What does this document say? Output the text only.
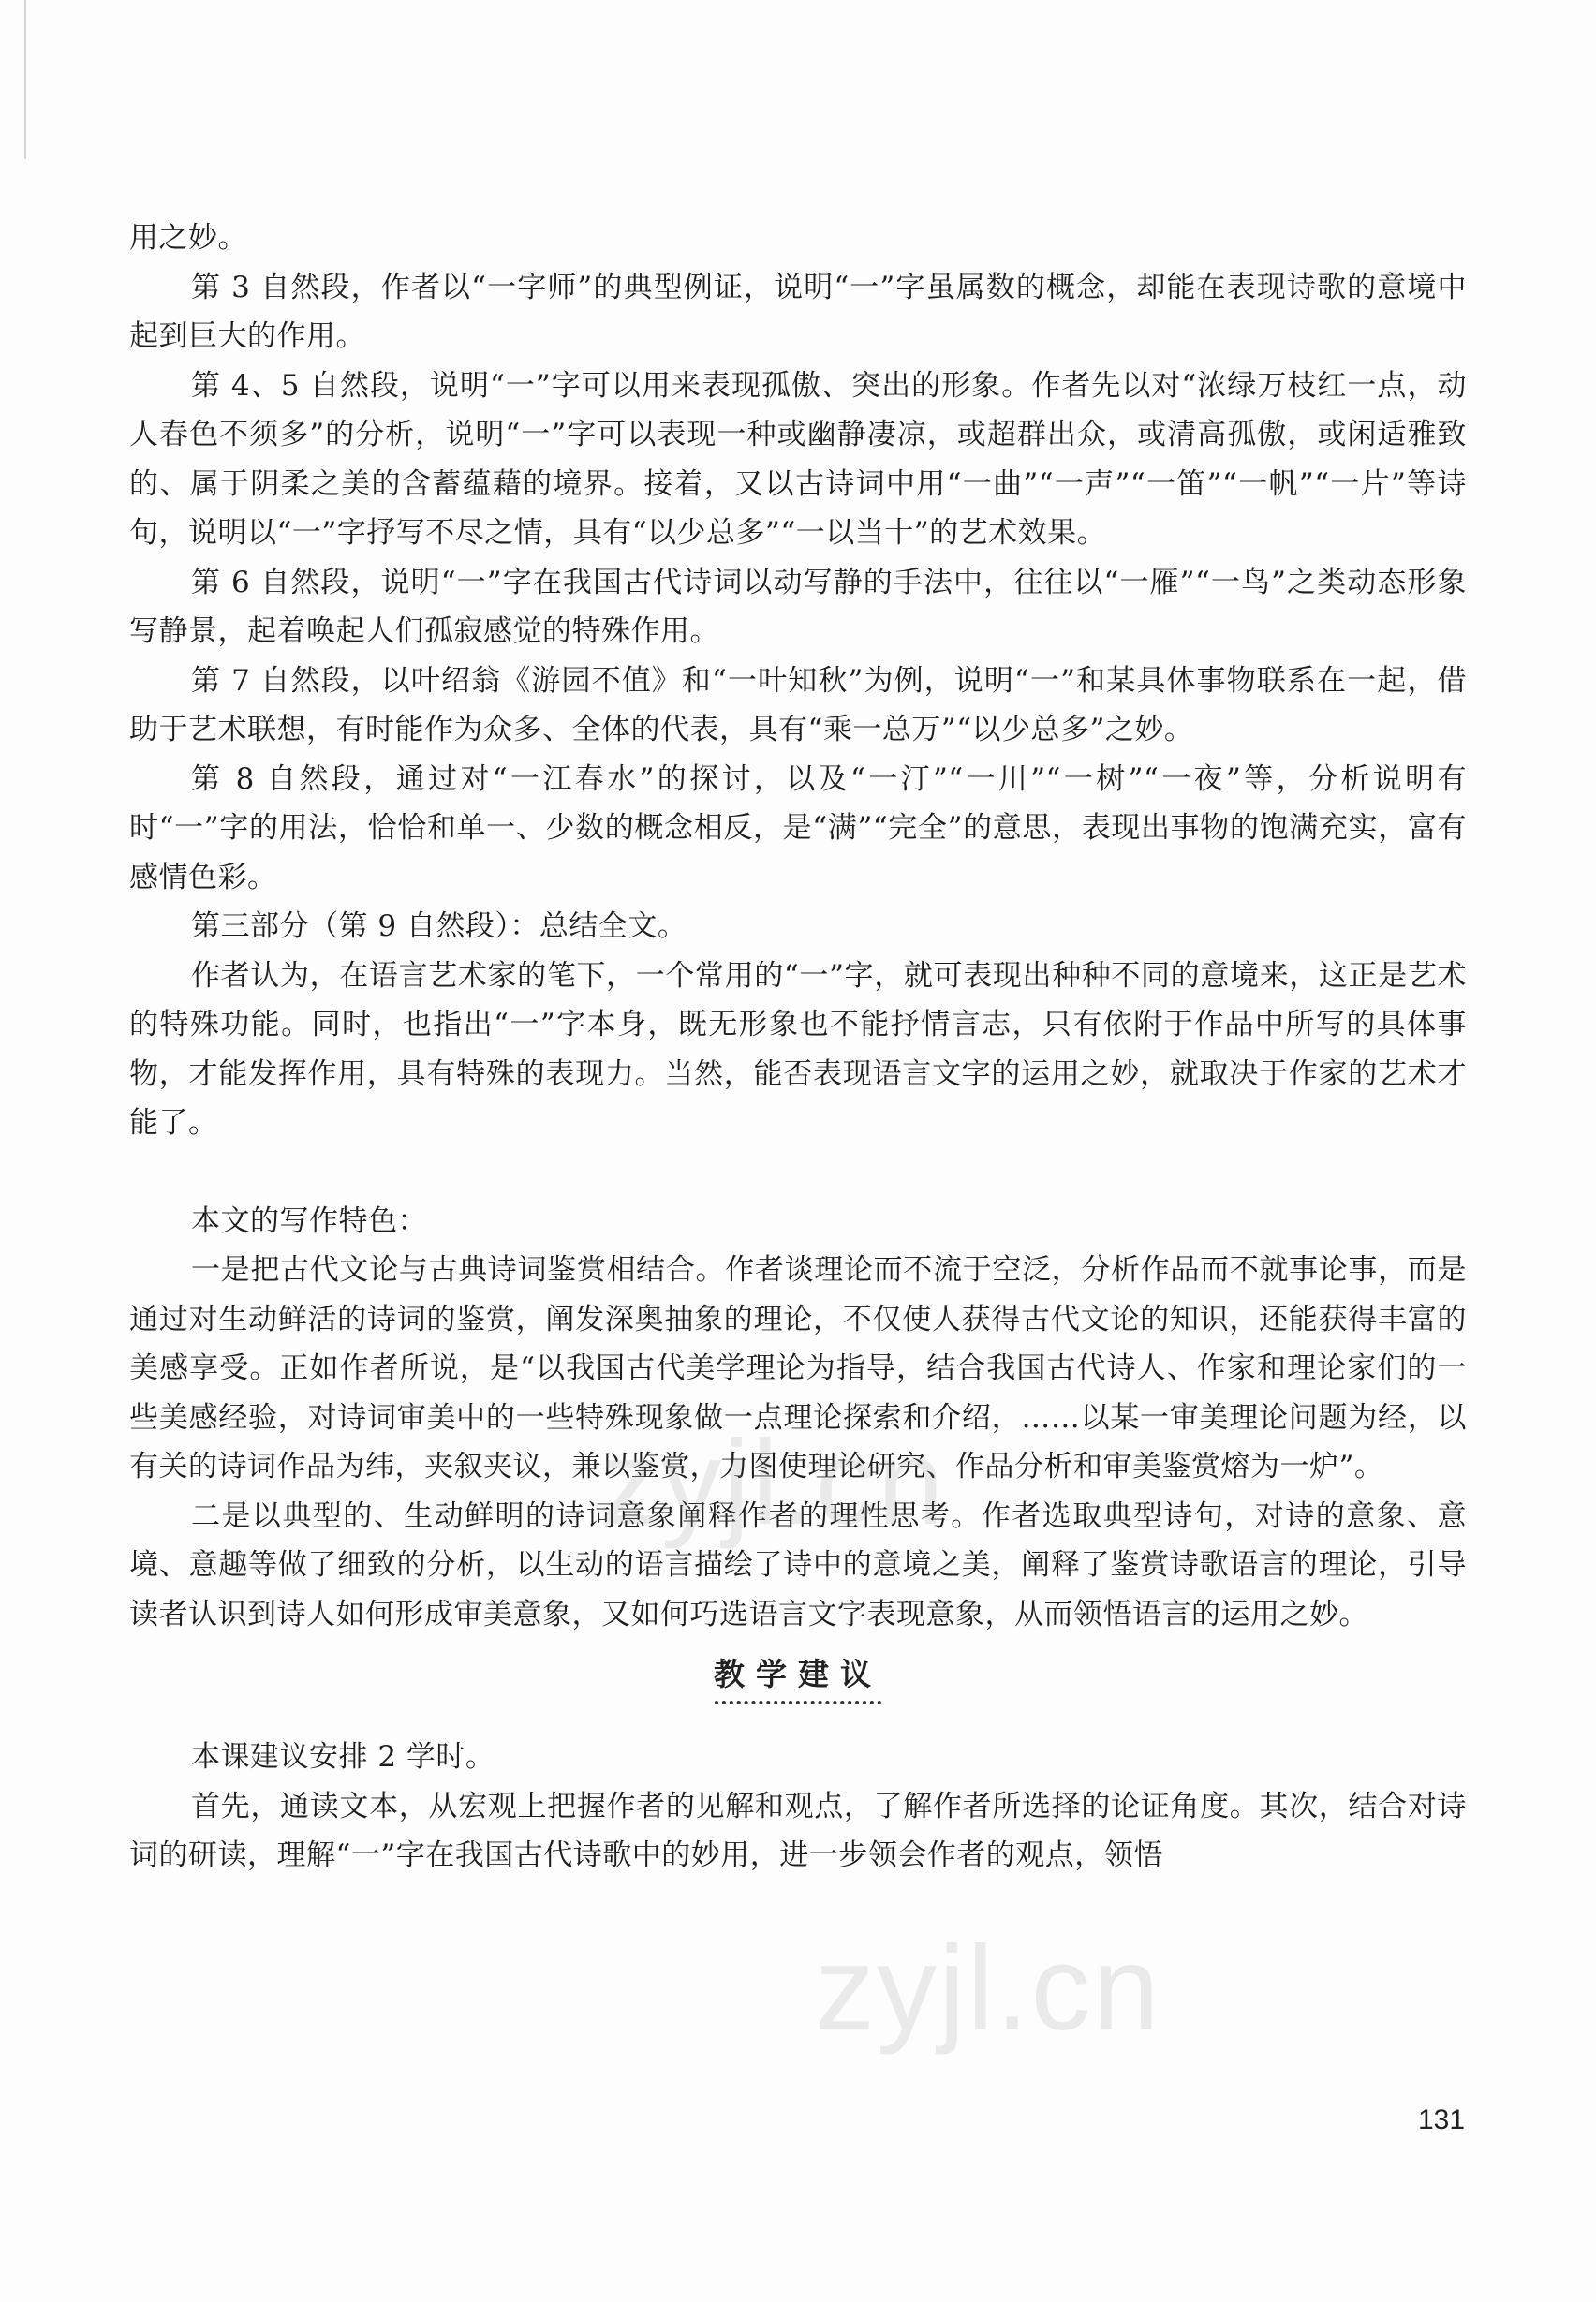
用之妙。

第 3 自然段，作者以“一字师”的典型例证，说明“一”字虽属数的概念，却能在表现诗歌的意境中起到巨大的作用。

第 4、5 自然段，说明“一”字可以用来表现孤傲、突出的形象。作者先以对“浓绿万枝红一点，动人春色不须多”的分析，说明“一”字可以表现一种或幽静凄凉，或超群出众，或清高孤傲，或闲适雅致的、属于阴柔之美的含蓄蕴藉的境界。接着，又以古诗词中用“一曲”“一声”“一笛”“一帆”“一片”等诗句，说明以“一”字抒写不尽之情，具有“以少总多”“一以当十”的艺术效果。

第 6 自然段，说明“一”字在我国古代诗词以动写静的手法中，往往以“一雁”“一鸟”之类动态形象写静景，起着唤起人们孤寂感觉的特殊作用。

第 7 自然段，以叶绍翁《游园不值》和“一叶知秋”为例，说明“一”和某具体事物联系在一起，借助于艺术联想，有时能作为众多、全体的代表，具有“乘一总万”“以少总多”之妙。

第 8 自然段，通过对“一江春水”的探讨，以及“一汀”“一川”“一树”“一夜”等，分析说明有时“一”字的用法，恰恰和单一、少数的概念相反，是“满”“完全”的意思，表现出事物的饱满充实，富有感情色彩。

第三部分（第 9 自然段）：总结全文。

作者认为，在语言艺术家的笔下，一个常用的“一”字，就可表现出种种不同的意境来，这正是艺术的特殊功能。同时，也指出“一”字本身，既无形象也不能抒情言志，只有依附于作品中所写的具体事物，才能发挥作用，具有特殊的表现力。当然，能否表现语言文字的运用之妙，就取决于作家的艺术才能了。

本文的写作特色：

一是把古代文论与古典诗词鉴赏相结合。作者谈理论而不流于空泛，分析作品而不就事论事，而是通过对生动鲜活的诗词的鉴赏，阐发深奥抽象的理论，不仅使人获得古代文论的知识，还能获得丰富的美感享受。正如作者所说，是“以我国古代美学理论为指导，结合我国古代诗人、作家和理论家们的一些美感经验，对诗词审美中的一些特殊现象做一点理论探索和介绍，……以某一审美理论问题为经，以有关的诗词作品为纬，夹叙夹议，兼以鉴赏，力图使理论研究、作品分析和审美鉴赏熔为一炉”。

二是以典型的、生动鲜明的诗词意象阐释作者的理性思考。作者选取典型诗句，对诗的意象、意境、意趣等做了细致的分析，以生动的语言描绘了诗中的意境之美，阐释了鉴赏诗歌语言的理论，引导读者认识到诗人如何形成审美意象，又如何巧选语言文字表现意象，从而领悟语言的运用之妙。

教学建议

本课建议安排 2 学时。

首先，通读文本，从宏观上把握作者的见解和观点，了解作者所选择的论证角度。其次，结合对诗词的研读，理解“一”字在我国古代诗歌中的妙用，进一步领会作者的观点，领悟

zyjl.cn
zyjl.cn
131
